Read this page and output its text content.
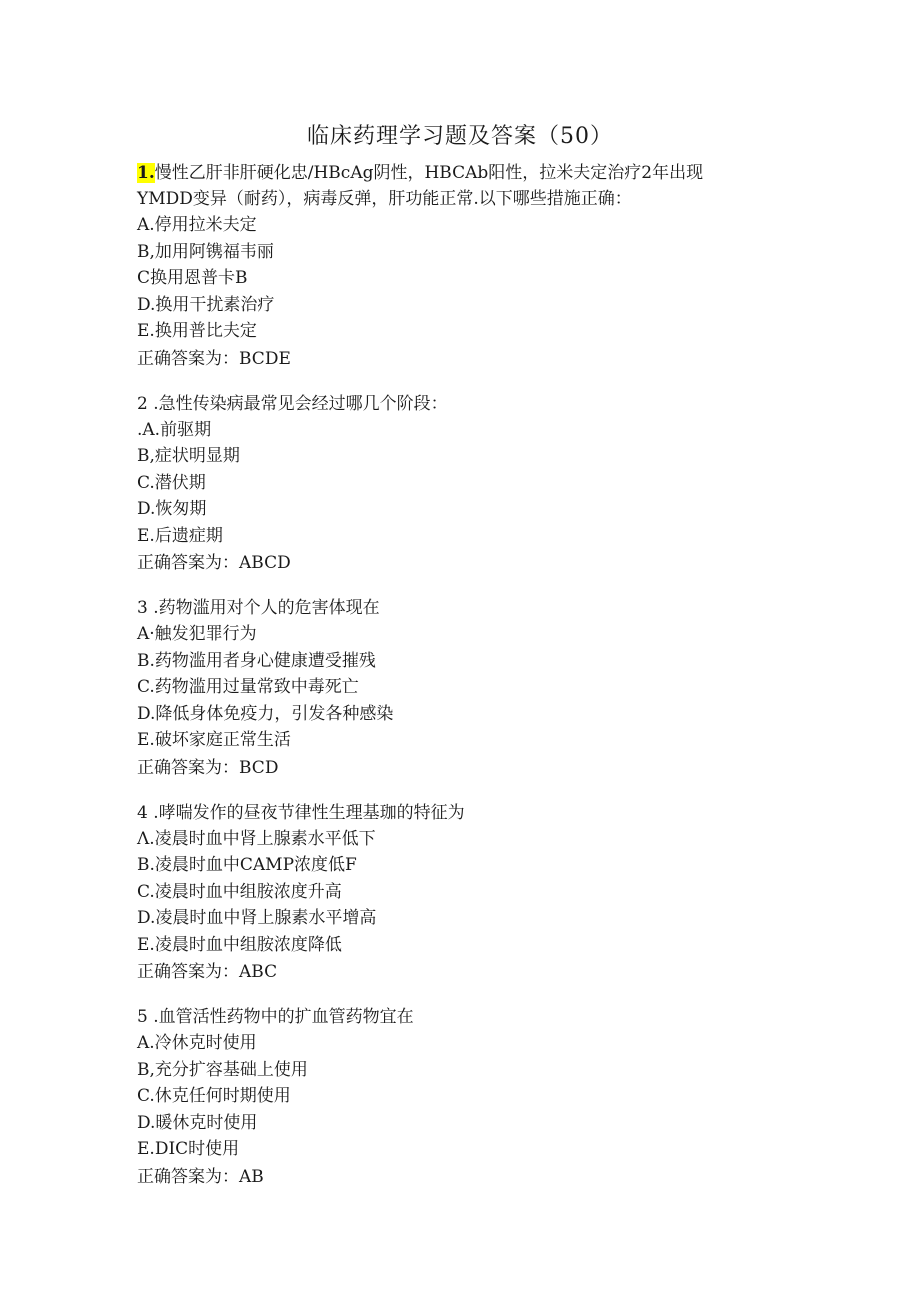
临床药理学习题及答案（50）
1.慢性乙肝非肝硬化忠/HBcAg阴性，HBCAb阳性，拉米夫定治疗2年出现
YMDD变异（耐药），病毒反弹，肝功能正常.以下哪些措施正确：
A.停用拉米夫定
B,加用阿镌福韦丽
C换用恩普卡B
D.换用干扰素治疗
E.换用普比夫定
正确答案为：BCDE
2 .急性传染病最常见会经过哪几个阶段：
.A.前驱期
B,症状明显期
C.潜伏期
D.恢匆期
E.后遗症期
正确答案为：ABCD
3 .药物滥用对个人的危害体现在
A·触发犯罪行为
B.药物滥用者身心健康遭受摧残
C.药物滥用过量常致中毒死亡
D.降低身体免疫力，引发各种感染
E.破坏家庭正常生活
正确答案为：BCD
4 .哮喘发作的昼夜节律性生理基珈的特征为
Λ.凌晨时血中肾上腺素水平低下
B.凌晨时血中CAMP浓度低F
C.凌晨时血中组胺浓度升高
D.凌晨时血中肾上腺素水平增高
E.凌晨时血中组胺浓度降低
正确答案为：ABC
5 .血管活性药物中的扩血管药物宜在
A.冷休克时使用
B,充分扩容基础上使用
C.休克任何时期使用
D.暖休克时使用
E.DIC时使用
正确答案为：AB
